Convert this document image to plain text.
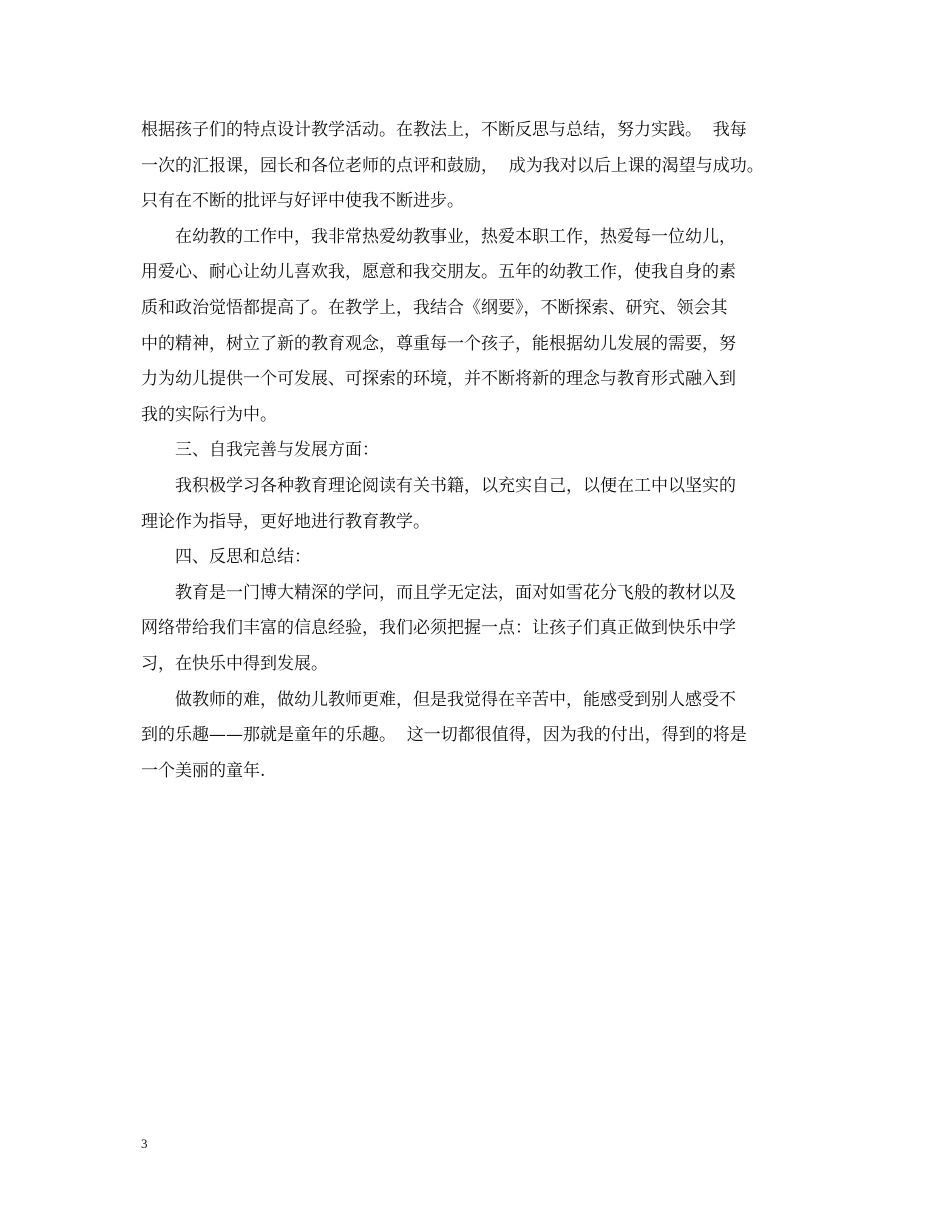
根据孩子们的特点设计教学活动。在教法上，不断反思与总结，努力实践。  我每
一次的汇报课，园长和各位老师的点评和鼓励，  成为我对以后上课的渴望与成功。
只有在不断的批评与好评中使我不断进步。
在幼教的工作中，我非常热爱幼教事业，热爱本职工作，热爱每一位幼儿，
用爱心、耐心让幼儿喜欢我，愿意和我交朋友。五年的幼教工作，使我自身的素
质和政治觉悟都提高了。在教学上，我结合《纲要》，不断探索、研究、领会其
中的精神，树立了新的教育观念，尊重每一个孩子，能根据幼儿发展的需要，努
力为幼儿提供一个可发展、可探索的环境，并不断将新的理念与教育形式融入到
我的实际行为中。
三、自我完善与发展方面：
我积极学习各种教育理论阅读有关书籍，以充实自己，以便在工中以坚实的
理论作为指导，更好地进行教育教学。
四、反思和总结：
教育是一门博大精深的学问，而且学无定法，面对如雪花分飞般的教材以及
网络带给我们丰富的信息经验，我们必须把握一点：让孩子们真正做到快乐中学
习，在快乐中得到发展。
做教师的难，做幼儿教师更难，但是我觉得在辛苦中，能感受到别人感受不
到的乐趣——那就是童年的乐趣。  这一切都很值得，因为我的付出，得到的将是
一个美丽的童年.
3
